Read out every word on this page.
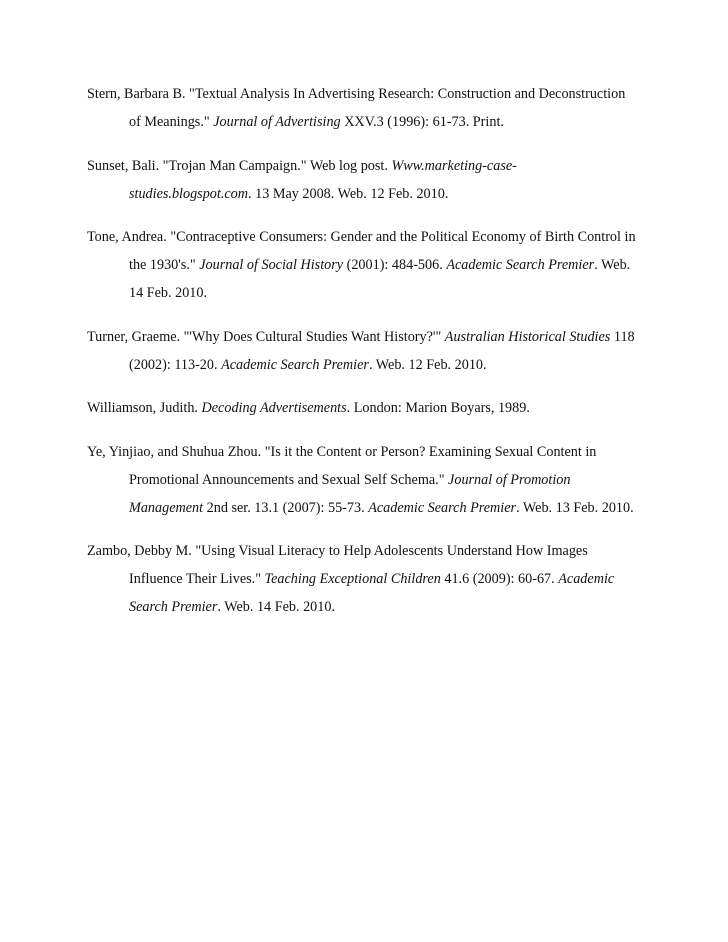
Stern, Barbara B. "Textual Analysis In Advertising Research: Construction and Deconstruction
of Meanings." Journal of Advertising XXV.3 (1996): 61-73. Print.
Sunset, Bali. "Trojan Man Campaign." Web log post. Www.marketing-case-
studies.blogspot.com. 13 May 2008. Web. 12 Feb. 2010.
Tone, Andrea. "Contraceptive Consumers: Gender and the Political Economy of Birth Control in
the 1930's." Journal of Social History (2001): 484-506. Academic Search Premier. Web.
14 Feb. 2010.
Turner, Graeme. "'Why Does Cultural Studies Want History?'" Australian Historical Studies 118
(2002): 113-20. Academic Search Premier. Web. 12 Feb. 2010.
Williamson, Judith. Decoding Advertisements. London: Marion Boyars, 1989.
Ye, Yinjiao, and Shuhua Zhou. "Is it the Content or Person? Examining Sexual Content in
Promotional Announcements and Sexual Self Schema." Journal of Promotion
Management 2nd ser. 13.1 (2007): 55-73. Academic Search Premier. Web. 13 Feb. 2010.
Zambo, Debby M. "Using Visual Literacy to Help Adolescents Understand How Images
Influence Their Lives." Teaching Exceptional Children 41.6 (2009): 60-67. Academic
Search Premier. Web. 14 Feb. 2010.
